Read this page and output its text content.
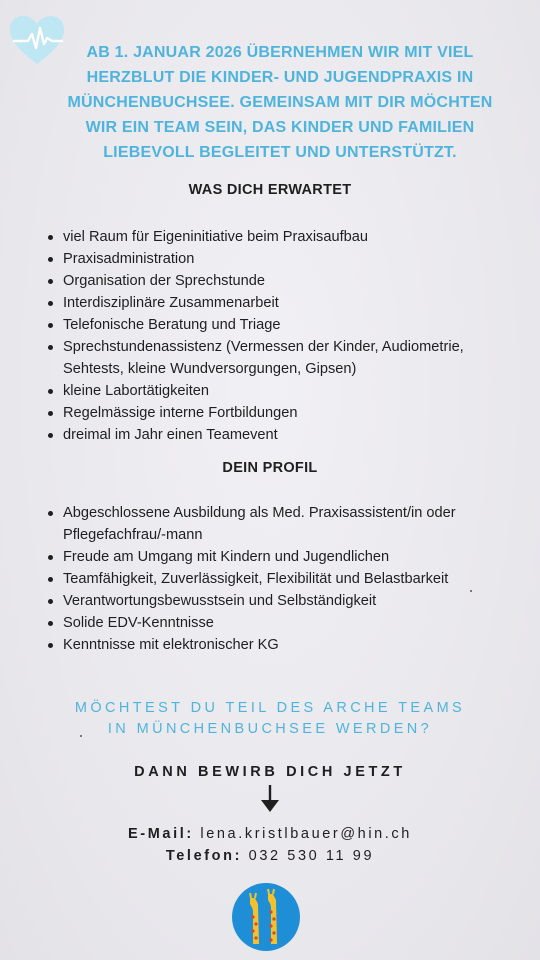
AB 1. JANUAR 2026 ÜBERNEHMEN WIR MIT VIEL
HERZBLUT DIE KINDER- UND JUGENDPRAXIS IN
MÜNCHENBUCHSEE. GEMEINSAM MIT DIR MÖCHTEN
WIR EIN TEAM SEIN, DAS KINDER UND FAMILIEN
LIEBEVOLL BEGLEITET UND UNTERSTÜTZT.
WAS DICH ERWARTET
viel Raum für Eigeninitiative beim Praxisaufbau
Praxisadministration
Organisation der Sprechstunde
Interdisziplinäre Zusammenarbeit
Telefonische Beratung und Triage
Sprechstundenassistenz (Vermessen der Kinder, Audiometrie, Sehtests, kleine Wundversorgungen, Gipsen)
kleine Labortätigkeiten
Regelmässige interne Fortbildungen
dreimal im Jahr einen Teamevent
DEIN PROFIL
Abgeschlossene Ausbildung als Med. Praxisassistent/in oder Pflegefachfrau/-mann
Freude am Umgang mit Kindern und Jugendlichen
Teamfähigkeit, Zuverlässigkeit, Flexibilität und Belastbarkeit
Verantwortungsbewusstsein und Selbständigkeit
Solide EDV-Kenntnisse
Kenntnisse mit elektronischer KG
MÖCHTEST DU TEIL DES ARCHE TEAMS
IN MÜNCHENBUCHSEE WERDEN?
DANN BEWIRB DICH JETZT
E-Mail: lena.kristlbauer@hin.ch
Telefon: 032 530 11 99
